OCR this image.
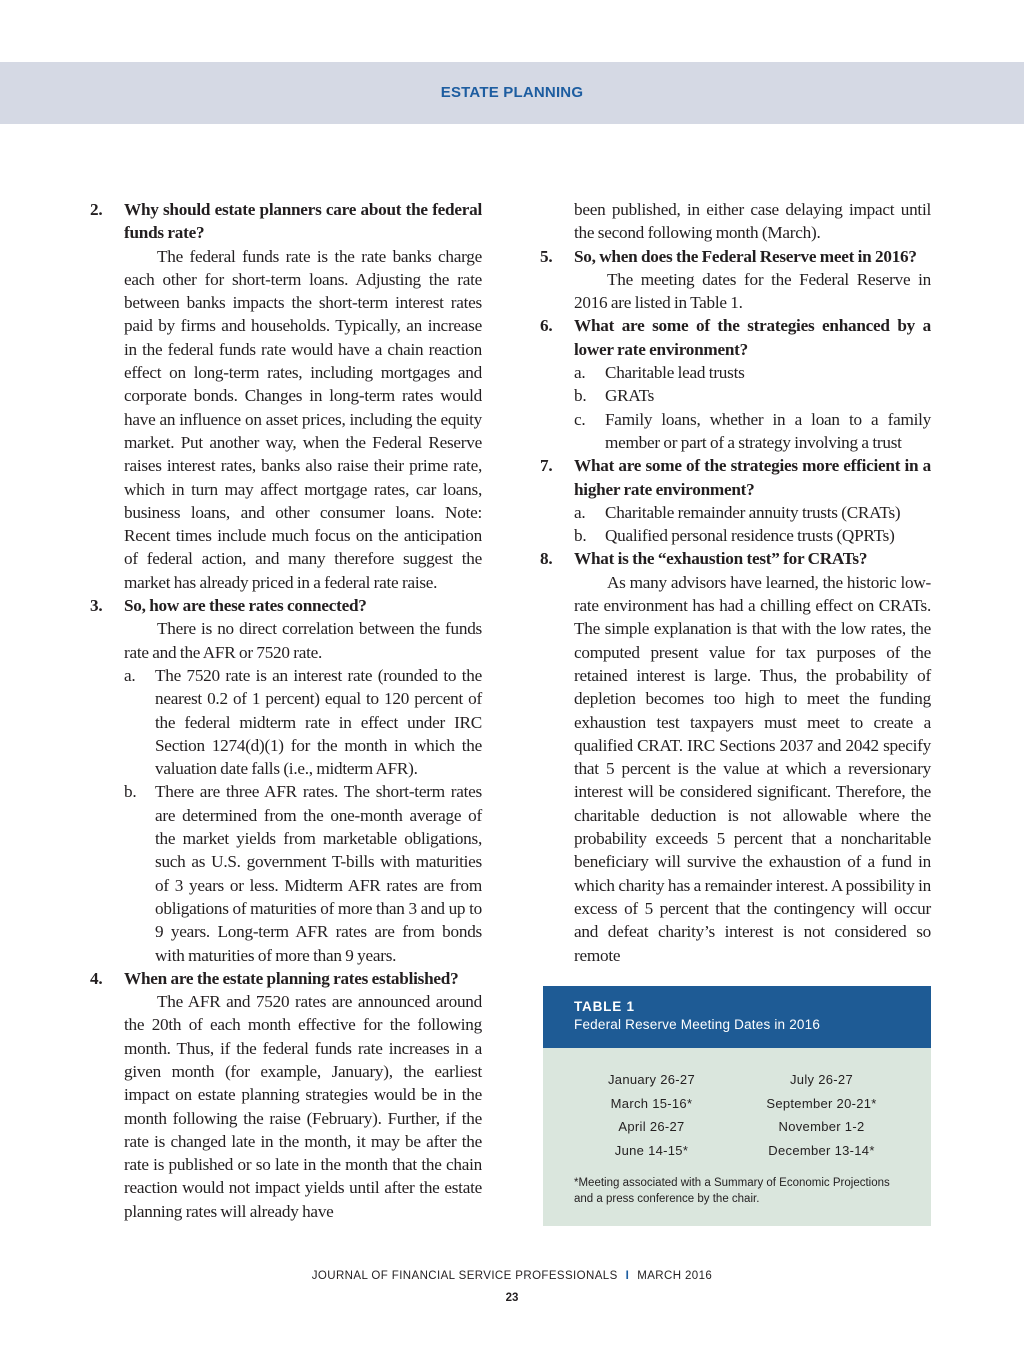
ESTATE PLANNING
2. Why should estate planners care about the federal funds rate?
The federal funds rate is the rate banks charge each other for short-term loans. Adjusting the rate between banks impacts the short-term interest rates paid by firms and households. Typically, an increase in the federal funds rate would have a chain reaction effect on long-term rates, including mortgages and corporate bonds. Changes in long-term rates would have an influence on asset prices, including the equity market. Put another way, when the Federal Reserve raises interest rates, banks also raise their prime rate, which in turn may affect mortgage rates, car loans, business loans, and other consumer loans. Note: Recent times include much focus on the anticipation of federal action, and many therefore suggest the market has already priced in a federal rate raise.
3. So, how are these rates connected?
There is no direct correlation between the funds rate and the AFR or 7520 rate.
a. The 7520 rate is an interest rate (rounded to the nearest 0.2 of 1 percent) equal to 120 percent of the federal midterm rate in effect under IRC Section 1274(d)(1) for the month in which the valuation date falls (i.e., midterm AFR).
b. There are three AFR rates. The short-term rates are determined from the one-month average of the market yields from marketable obligations, such as U.S. government T-bills with maturities of 3 years or less. Midterm AFR rates are from obligations of maturities of more than 3 and up to 9 years. Long-term AFR rates are from bonds with maturities of more than 9 years.
4. When are the estate planning rates established?
The AFR and 7520 rates are announced around the 20th of each month effective for the following month. Thus, if the federal funds rate increases in a given month (for example, January), the earliest impact on estate planning strategies would be in the month following the raise (February). Further, if the rate is changed late in the month, it may be after the rate is published or so late in the month that the chain reaction would not impact yields until after the estate planning rates will already have
been published, in either case delaying impact until the second following month (March).
5. So, when does the Federal Reserve meet in 2016?
The meeting dates for the Federal Reserve in 2016 are listed in Table 1.
6. What are some of the strategies enhanced by a lower rate environment?
a. Charitable lead trusts
b. GRATs
c. Family loans, whether in a loan to a family member or part of a strategy involving a trust
7. What are some of the strategies more efficient in a higher rate environment?
a. Charitable remainder annuity trusts (CRATs)
b. Qualified personal residence trusts (QPRTs)
8. What is the “exhaustion test” for CRATs?
As many advisors have learned, the historic low-rate environment has had a chilling effect on CRATs. The simple explanation is that with the low rates, the computed present value for tax purposes of the retained interest is large. Thus, the probability of depletion becomes too high to meet the funding exhaustion test taxpayers must meet to create a qualified CRAT. IRC Sections 2037 and 2042 specify that 5 percent is the value at which a reversionary interest will be considered significant. Therefore, the charitable deduction is not allowable where the probability exceeds 5 percent that a noncharitable beneficiary will survive the exhaustion of a fund in which charity has a remainder interest. A possibility in excess of 5 percent that the contingency will occur and defeat charity’s interest is not considered so remote
TABLE 1
Federal Reserve Meeting Dates in 2016
January 26-27	July 26-27
March 15-16*	September 20-21*
April 26-27	November 1-2
June 14-15*	December 13-14*
*Meeting associated with a Summary of Economic Projections and a press conference by the chair.
JOURNAL OF FINANCIAL SERVICE PROFESSIONALS I MARCH 2016
23
